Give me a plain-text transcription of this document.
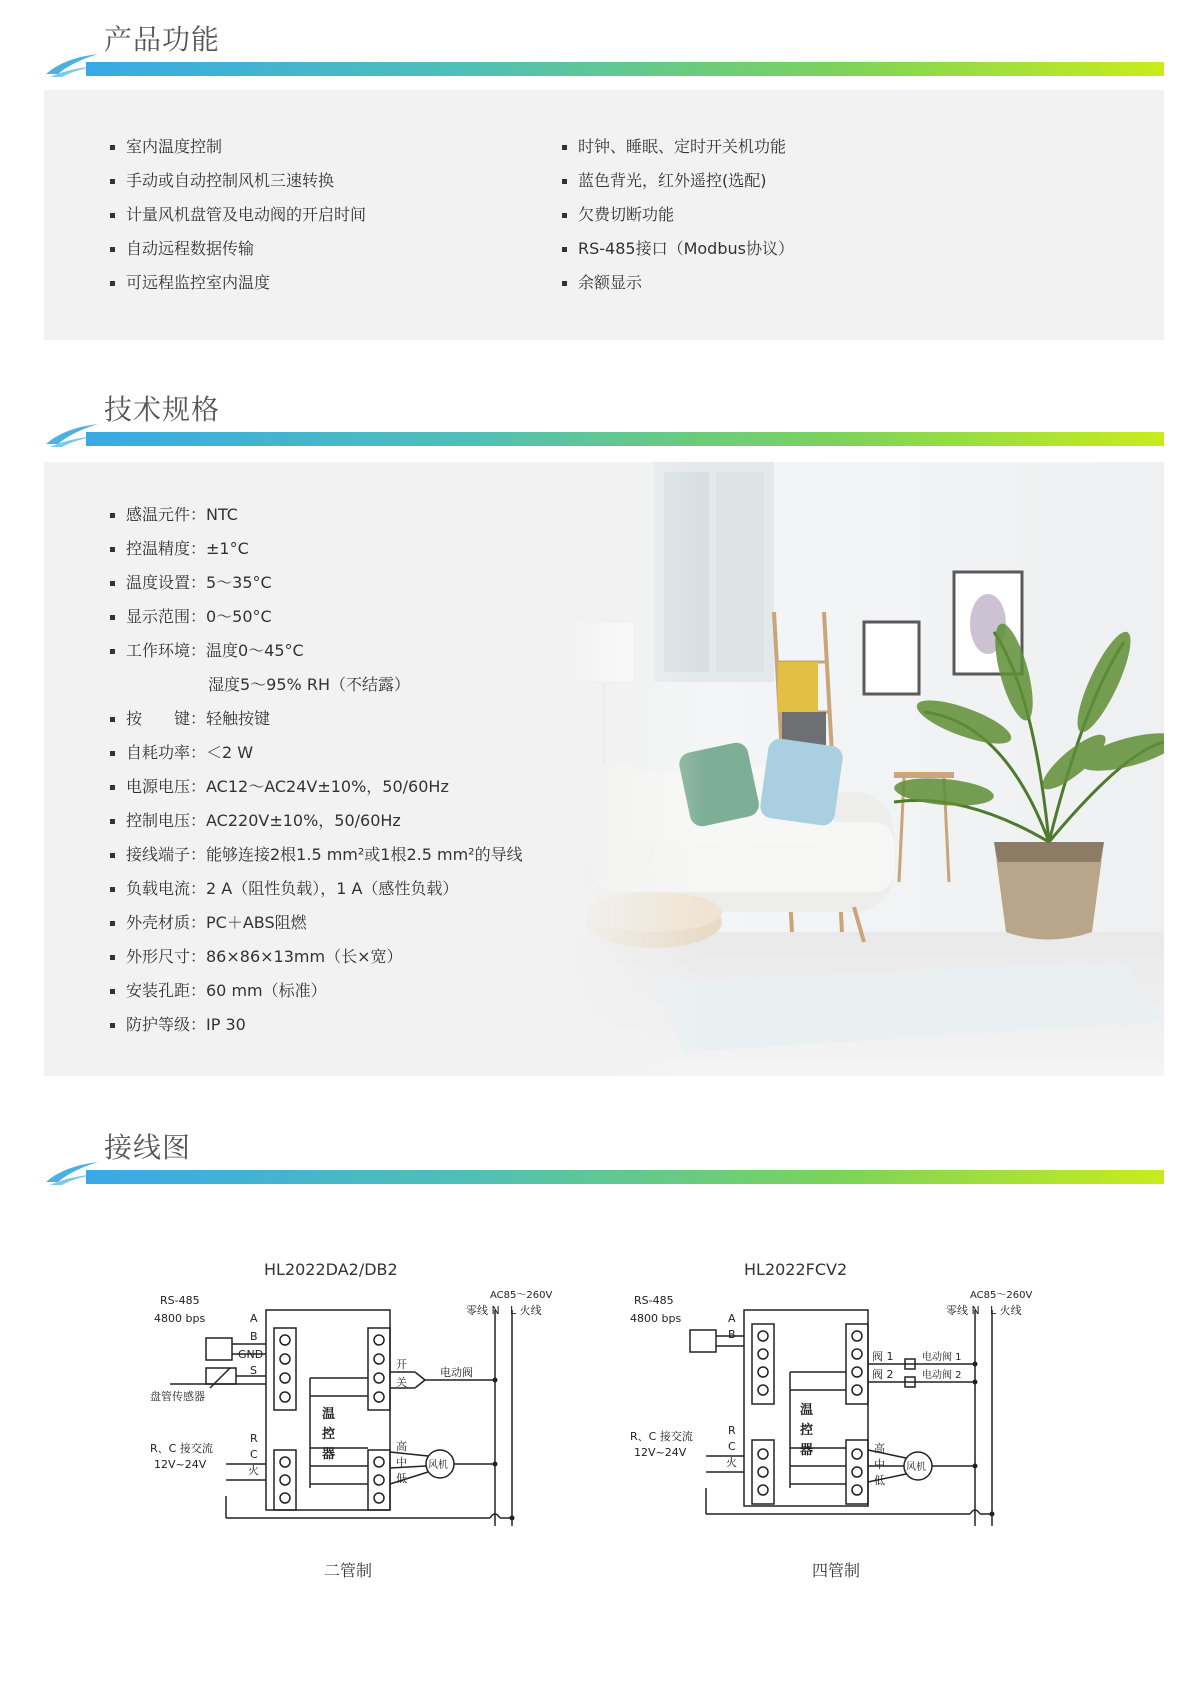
产品功能
室内温度控制
手动或自动控制风机三速转换
计量风机盘管及电动阀的开启时间
自动远程数据传输
可远程监控室内温度
时钟、睡眠、定时开关机功能
蓝色背光，红外遥控(选配)
欠费切断功能
RS-485接口（Modbus协议）
余额显示
技术规格
感温元件：NTC
控温精度：±1°C
温度设置：5～35°C
显示范围：0～50°C
工作环境：温度0～45°C
湿度5～95% RH（不结露）
按　　键：轻触按键
自耗功率：＜2 W
电源电压：AC12～AC24V±10%，50/60Hz
控制电压：AC220V±10%，50/60Hz
接线端子：能够连接2根1.5 mm²或1根2.5 mm²的导线
负载电流：2 A（阻性负载），1 A（感性负载）
外壳材质：PC＋ABS阻燃
外形尺寸：86×86×13mm（长×宽）
安装孔距：60 mm（标准）
防护等级：IP 30
接线图
HL2022DA2/DB2
RS-485
4800 bps	A
B
GND
S
盘管传感器
R、C 接交流
12V~24V
R
C
火
温
控
器
开
关
电动阀
高
中
低
风机
AC85～260V
零线 N L 火线
二管制
HL2022FCV2
RS-485
4800 bps	A
B
R、C 接交流
12V~24V
R
C
火
温
控
器
阀 1
阀 2
电动阀 1
电动阀 2
高
中
低
风机
AC85～260V
零线 N L 火线
四管制
